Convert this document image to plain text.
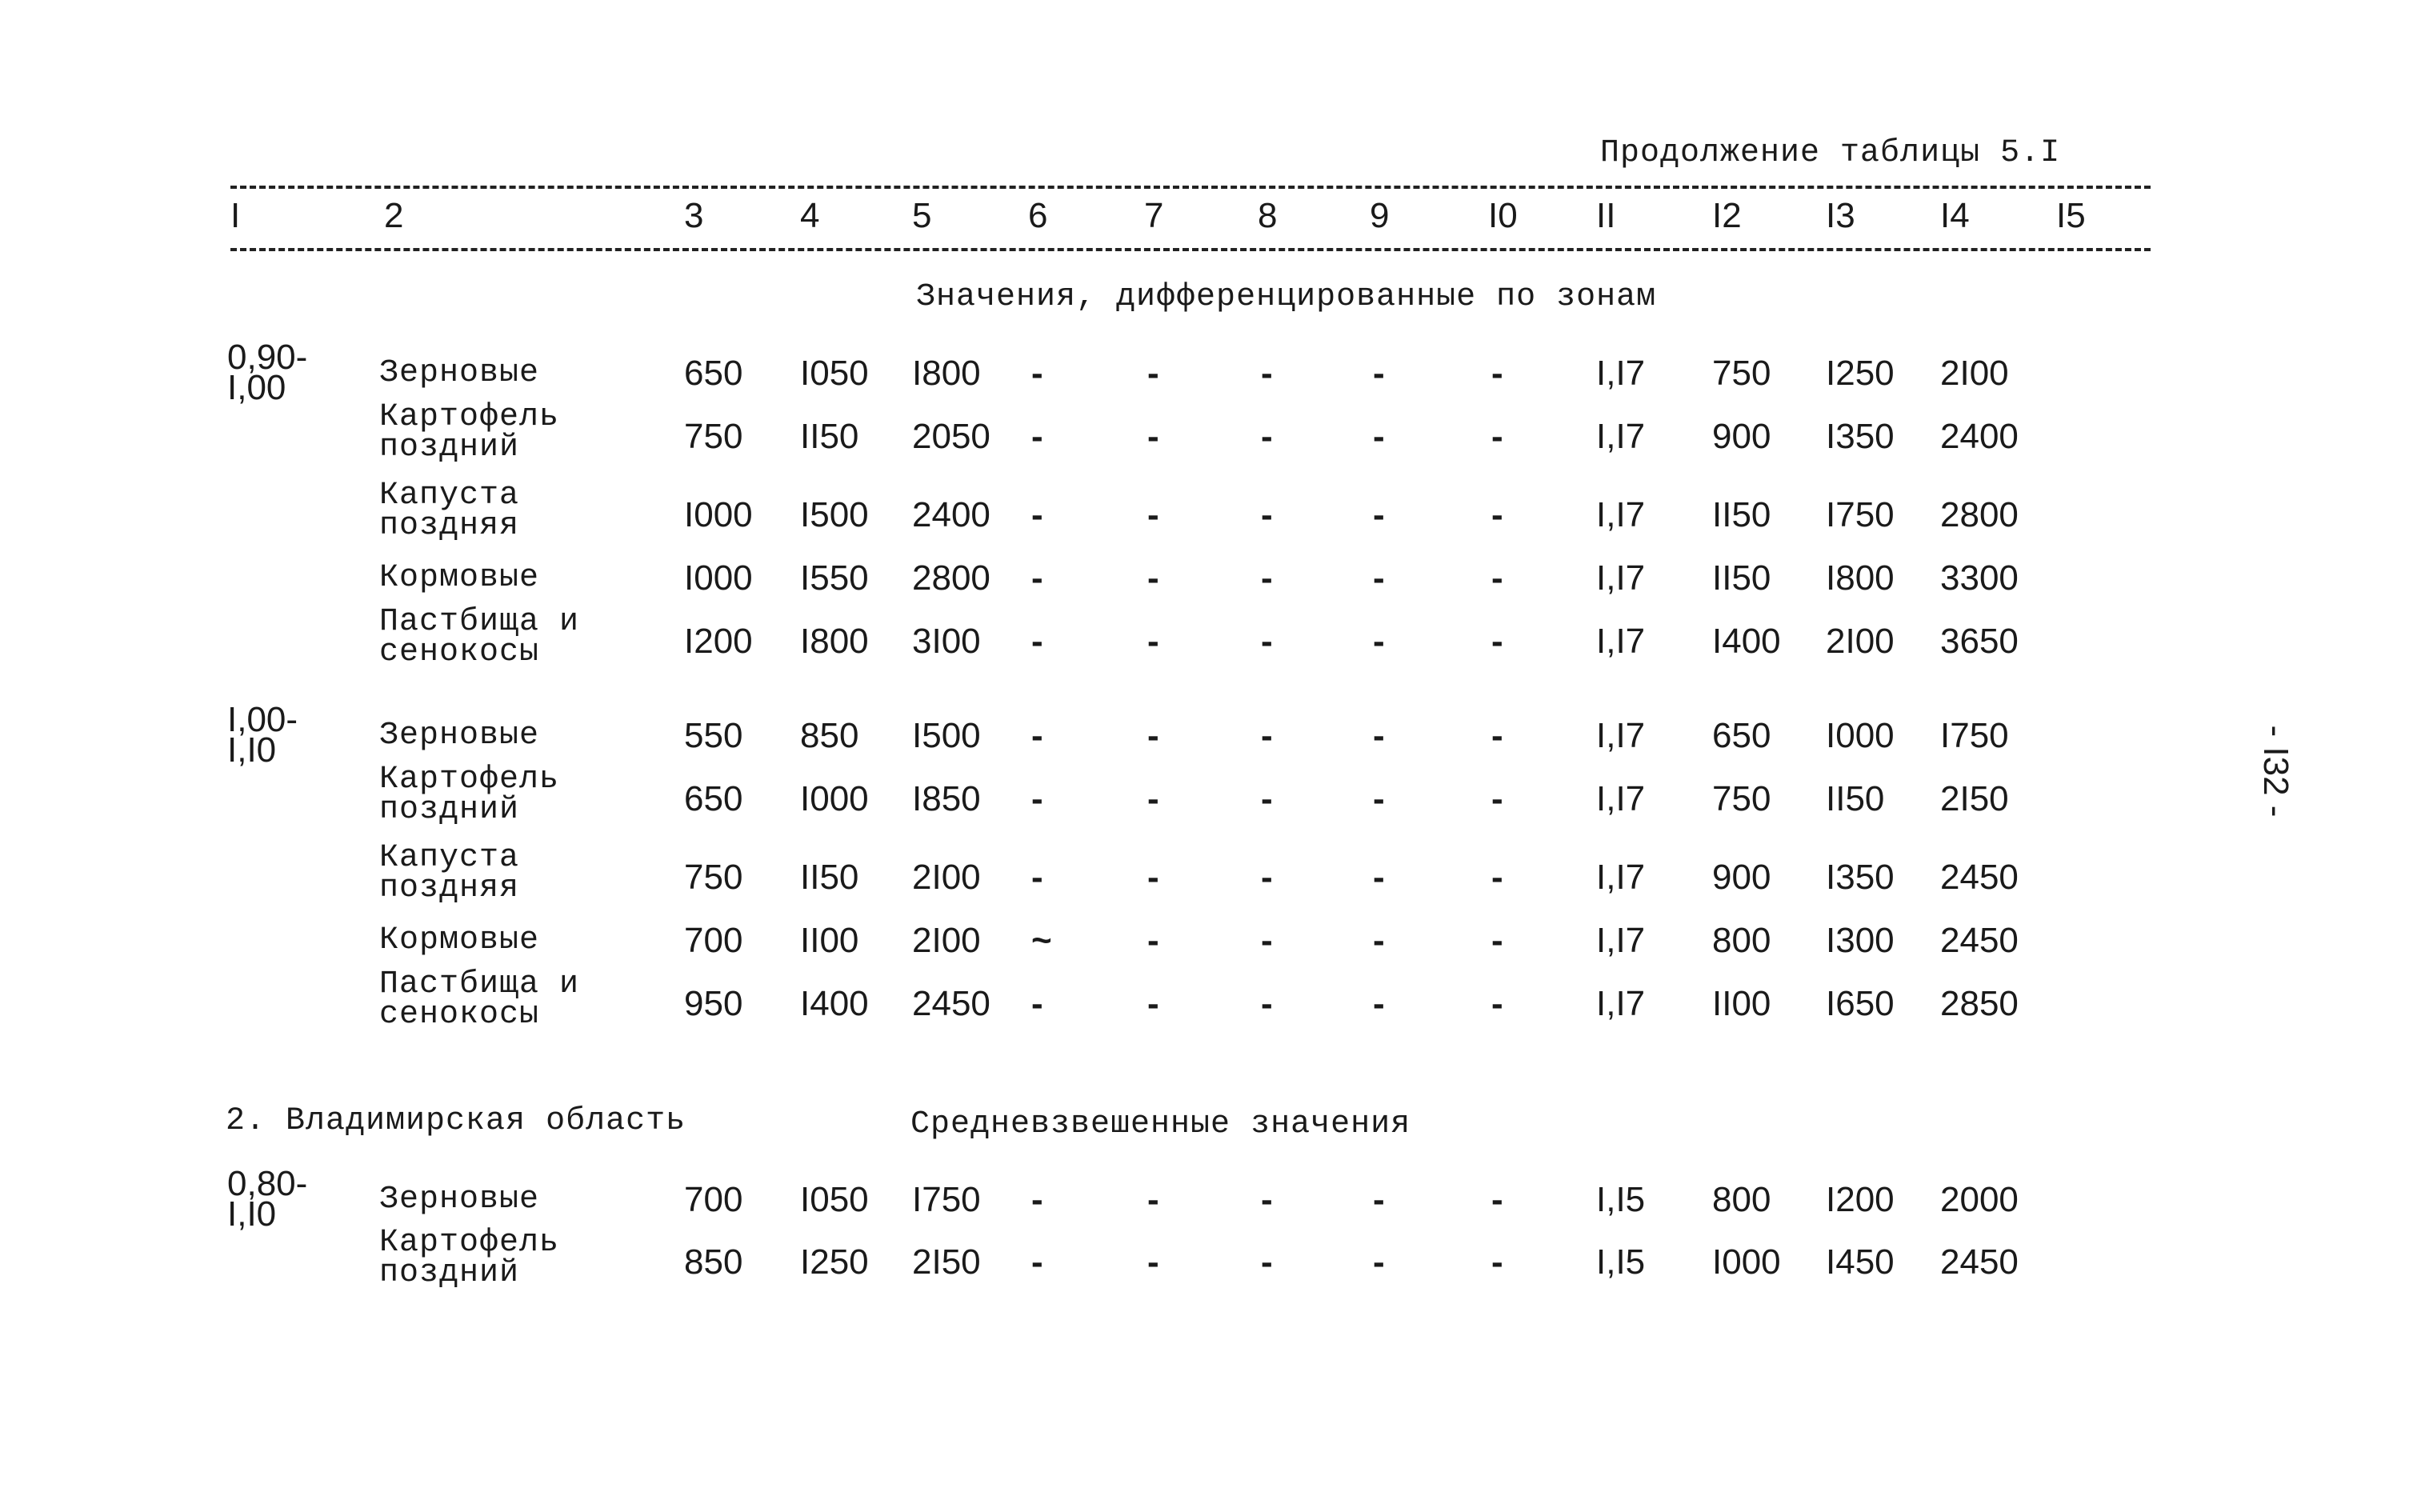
Продолжение таблицы 5.I
I	2	3	4	5	6	7	8	9	I0 II	I2 I3 I4 I5
Значения, дифференцированные по зонам
2. Владимирская область	Средневзвешенные значения
0,90-
I,00	Зерновые	650 I050 I800 -	-	-	-	-	I,I7 750 I250 2I00
Картофель
поздний	750 II50 2050 -	-	-	-	-	I,I7 900 I350 2400
Капуста
поздняя	I000 I500 2400 -	-	-	-	-	I,I7 II50 I750 2800
Кормовые	I000 I550 2800 -	-	-	-	-	I,I7 II50 I800 3300
Пастбища и
сенокосы	I200 I800 3I00 -	-	-	-	-	I,I7 I400 2I00 3650
I,00-
I,I0	Зерновые	550 850 I500 -	-	-	-	-	I,I7 650 I000 I750
Картофель
поздний	650 I000 I850 -	-	-	-	-	I,I7 750 II50 2I50
Капуста
поздняя	750 II50 2I00 -	-	-	-	-	I,I7 900 I350 2450
Кормовые	700 II00 2I00 ~	-	-	-	-	I,I7 800 I300 2450
Пастбища и
сенокосы	950 I400 2450 -	-	-	-	-	I,I7 II00 I650 2850
0,80-
I,I0	Зерновые	700 I050 I750 -	-	-	-	-	I,I5 800 I200 2000
Картофель
поздний	850 I250 2I50 -	-	-	-	-	I,I5 I000 I450 2450
- I32 -
